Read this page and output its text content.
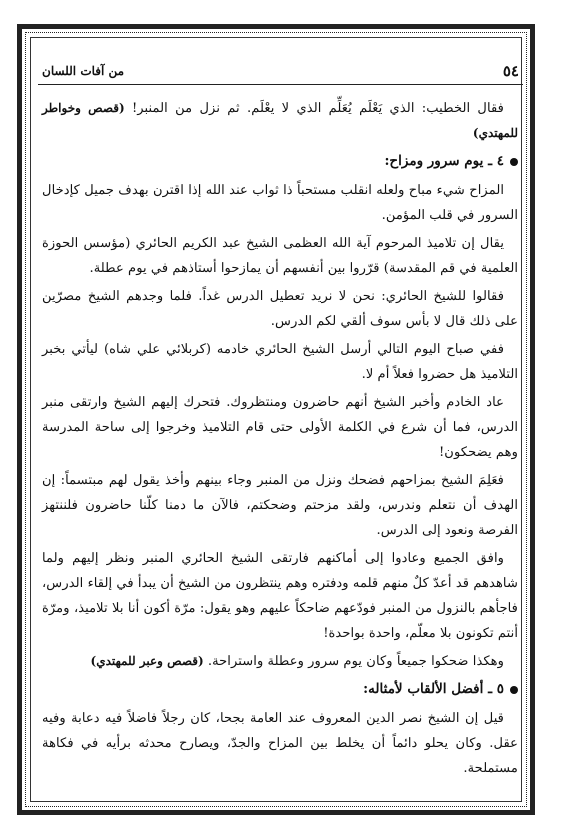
٥٤
من آفات اللسان

فقال الخطيب: الذي يَعْلَم يُعَلِّم الذي لا يعْلَم. ثم نزل من المنبر! (قصص وخواطر للمهتدي)

٤ ـ يوم سرور ومزاح:

المزاح شيء مباح ولعله انقلب مستحباً ذا ثواب عند الله إذا اقترن بهدف جميل كإدخال السرور في قلب المؤمن.

يقال إن تلاميذ المرحوم آية الله العظمى الشيخ عبد الكريم الحائري (مؤسس الحوزة العلمية في قم المقدسة) قرّروا بين أنفسهم أن يمازحوا أستاذهم في يوم عطلة.

فقالوا للشيخ الحائري: نحن لا نريد تعطيل الدرس غداً. فلما وجدهم الشيخ مصرّين على ذلك قال لا بأس سوف ألقي لكم الدرس.

ففي صباح اليوم التالي أرسل الشيخ الحائري خادمه (كربلائي علي شاه) ليأتي بخبر التلاميذ هل حضروا فعلاً أم لا.

عاد الخادم وأخبر الشيخ أنهم حاضرون ومنتظروك. فتحرك إليهم الشيخ وارتقى منبر الدرس، فما أن شرع في الكلمة الأولى حتى قام التلاميذ وخرجوا إلى ساحة المدرسة وهم يضحكون!

فعَلِمَ الشيخ بمزاحهم فضحك ونزل من المنبر وجاء بينهم وأخذ يقول لهم مبتسماً: إن الهدف أن نتعلم وندرس، ولقد مزحتم وضحكتم، فالآن ما دمنا كلّنا حاضرون فلننتهز الفرصة ونعود إلى الدرس.

وافق الجميع وعادوا إلى أماكنهم فارتقى الشيخ الحائري المنبر ونظر إليهم ولما شاهدهم قد أعدّ كلٌ منهم قلمه ودفتره وهم ينتظرون من الشيخ أن يبدأ في إلقاء الدرس، فاجأهم بالنزول من المنبر فودّعهم ضاحكاً عليهم وهو يقول: مرّة أكون أنا بلا تلاميذ، ومرّة أنتم تكونون بلا معلّم، واحدة بواحدة!

وهكذا ضحكوا جميعاً وكان يوم سرور وعطلة واستراحة. (قصص وعبر للمهتدي)

٥ ـ أفضل الألقاب لأمثاله:

قيل إن الشيخ نصر الدين المعروف عند العامة بجحا، كان رجلاً فاضلاً فيه دعابة وفيه عقل. وكان يحلو دائماً أن يخلط بين المزاح والجدّ، ويصارح محدثه برأيه في فكاهة مستملحة.
